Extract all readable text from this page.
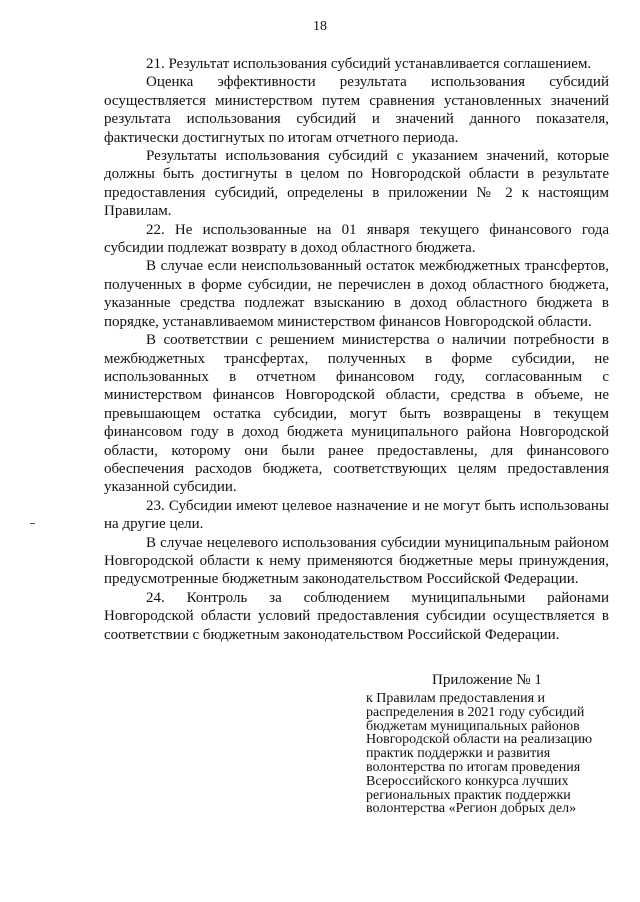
18

21. Результат использования субсидий устанавливается соглашением.

Оценка эффективности результата использования субсидий осуществляется министерством путем сравнения установленных значений результата использования субсидий и значений данного показателя, фактически достигнутых по итогам отчетного периода.

Результаты использования субсидий с указанием значений, которые должны быть достигнуты в целом по Новгородской области в результате предоставления субсидий, определены в приложении № 2 к настоящим Правилам.

22. Не использованные на 01 января текущего финансового года субсидии подлежат возврату в доход областного бюджета.

В случае если неиспользованный остаток межбюджетных трансфертов, полученных в форме субсидии, не перечислен в доход областного бюджета, указанные средства подлежат взысканию в доход областного бюджета в порядке, устанавливаемом министерством финансов Новгородской области.

В соответствии с решением министерства о наличии потребности в межбюджетных трансфертах, полученных в форме субсидии, не использованных в отчетном финансовом году, согласованным с министерством финансов Новгородской области, средства в объеме, не превышающем остатка субсидии, могут быть возвращены в текущем финансовом году в доход бюджета муниципального района Новгородской области, которому они были ранее предоставлены, для финансового обеспечения расходов бюджета, соответствующих целям предоставления указанной субсидии.

23. Субсидии имеют целевое назначение и не могут быть использованы на другие цели.

В случае нецелевого использования субсидии муниципальным районом Новгородской области к нему применяются бюджетные меры принуждения, предусмотренные бюджетным законодательством Российской Федерации.

24. Контроль за соблюдением муниципальными районами Новгородской области условий предоставления субсидии осуществляется в соответствии с бюджетным законодательством Российской Федерации.

Приложение № 1
к Правилам предоставления и распределения в 2021 году субсидий бюджетам муниципальных районов Новгородской области на реализацию практик поддержки и развития волонтерства по итогам проведения Всероссийского конкурса лучших региональных практик поддержки волонтерства «Регион добрых дел»
